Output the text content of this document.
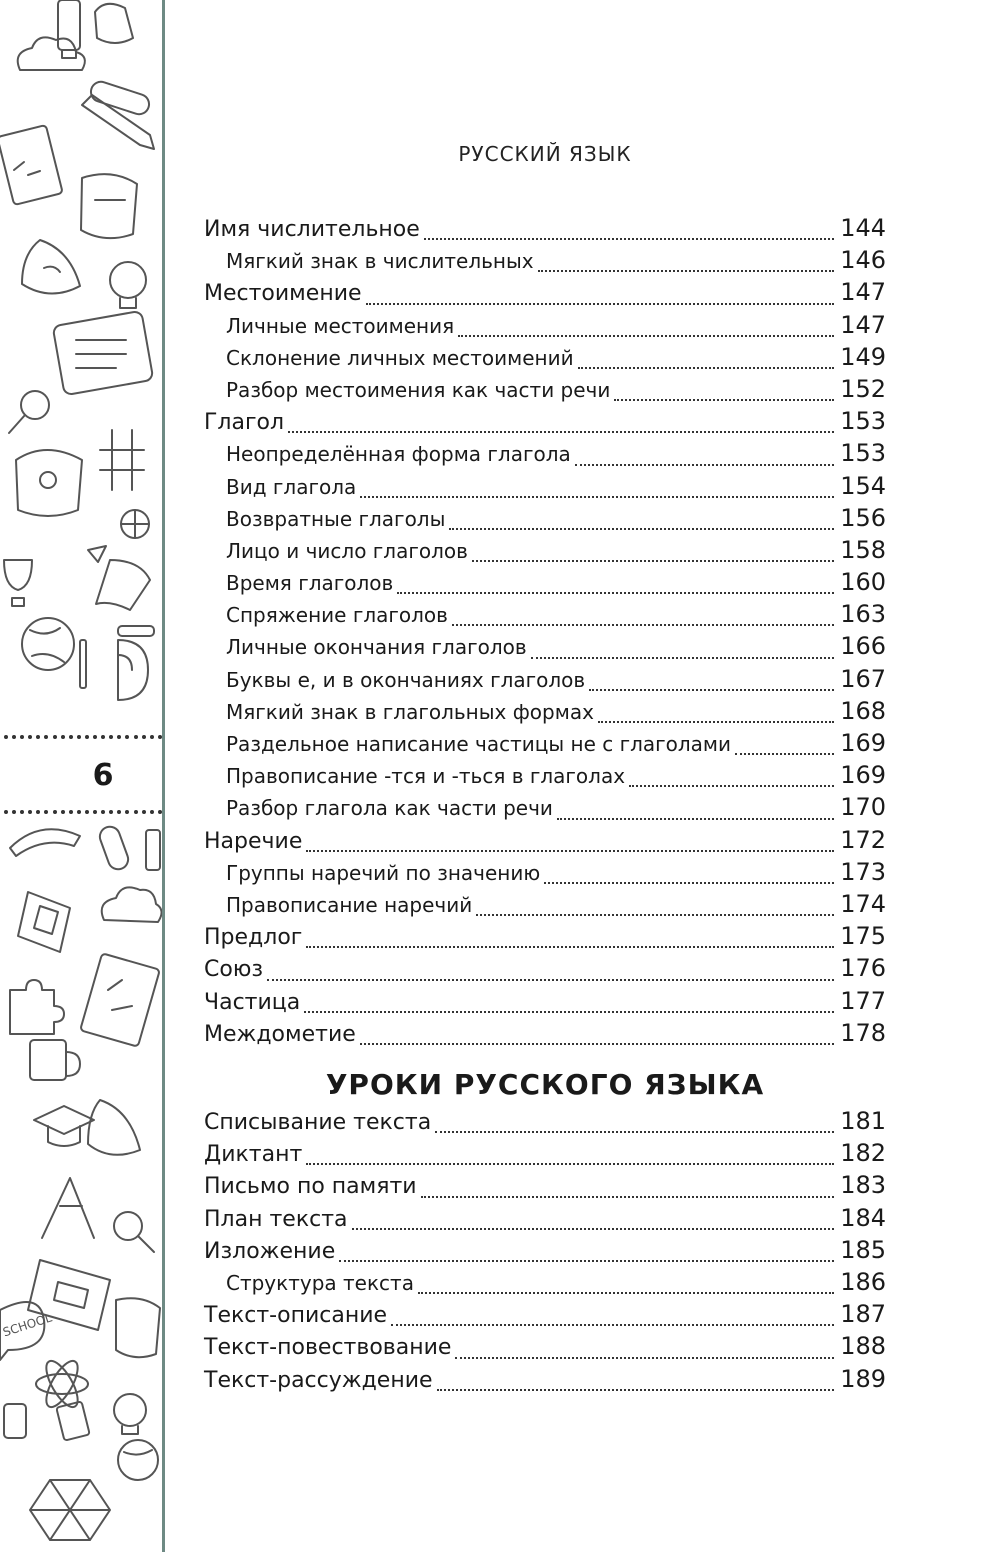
6
SCHOOL
РУССКИЙ ЯЗЫК
Имя числительное	144
Мягкий знак в числительных	146
Местоимение	147
Личные местоимения	147
Склонение личных местоимений	149
Разбор местоимения как части речи	152
Глагол	153
Неопределённая форма глагола	153
Вид глагола	154
Возвратные глаголы	156
Лицо и число глаголов	158
Время глаголов	160
Спряжение глаголов	163
Личные окончания глаголов	166
Буквы е, и в окончаниях глаголов	167
Мягкий знак в глагольных формах	168
Раздельное написание частицы не с глаголами	169
Правописание -тся и -ться в глаголах	169
Разбор глагола как части речи	170
Наречие	172
Группы наречий по значению	173
Правописание наречий	174
Предлог	175
Союз	176
Частица	177
Междометие	178
УРОКИ РУССКОГО ЯЗЫКА
Списывание текста	181
Диктант	182
Письмо по памяти	183
План текста	184
Изложение	185
Структура текста	186
Текст-описание	187
Текст-повествование	188
Текст-рассуждение	189
